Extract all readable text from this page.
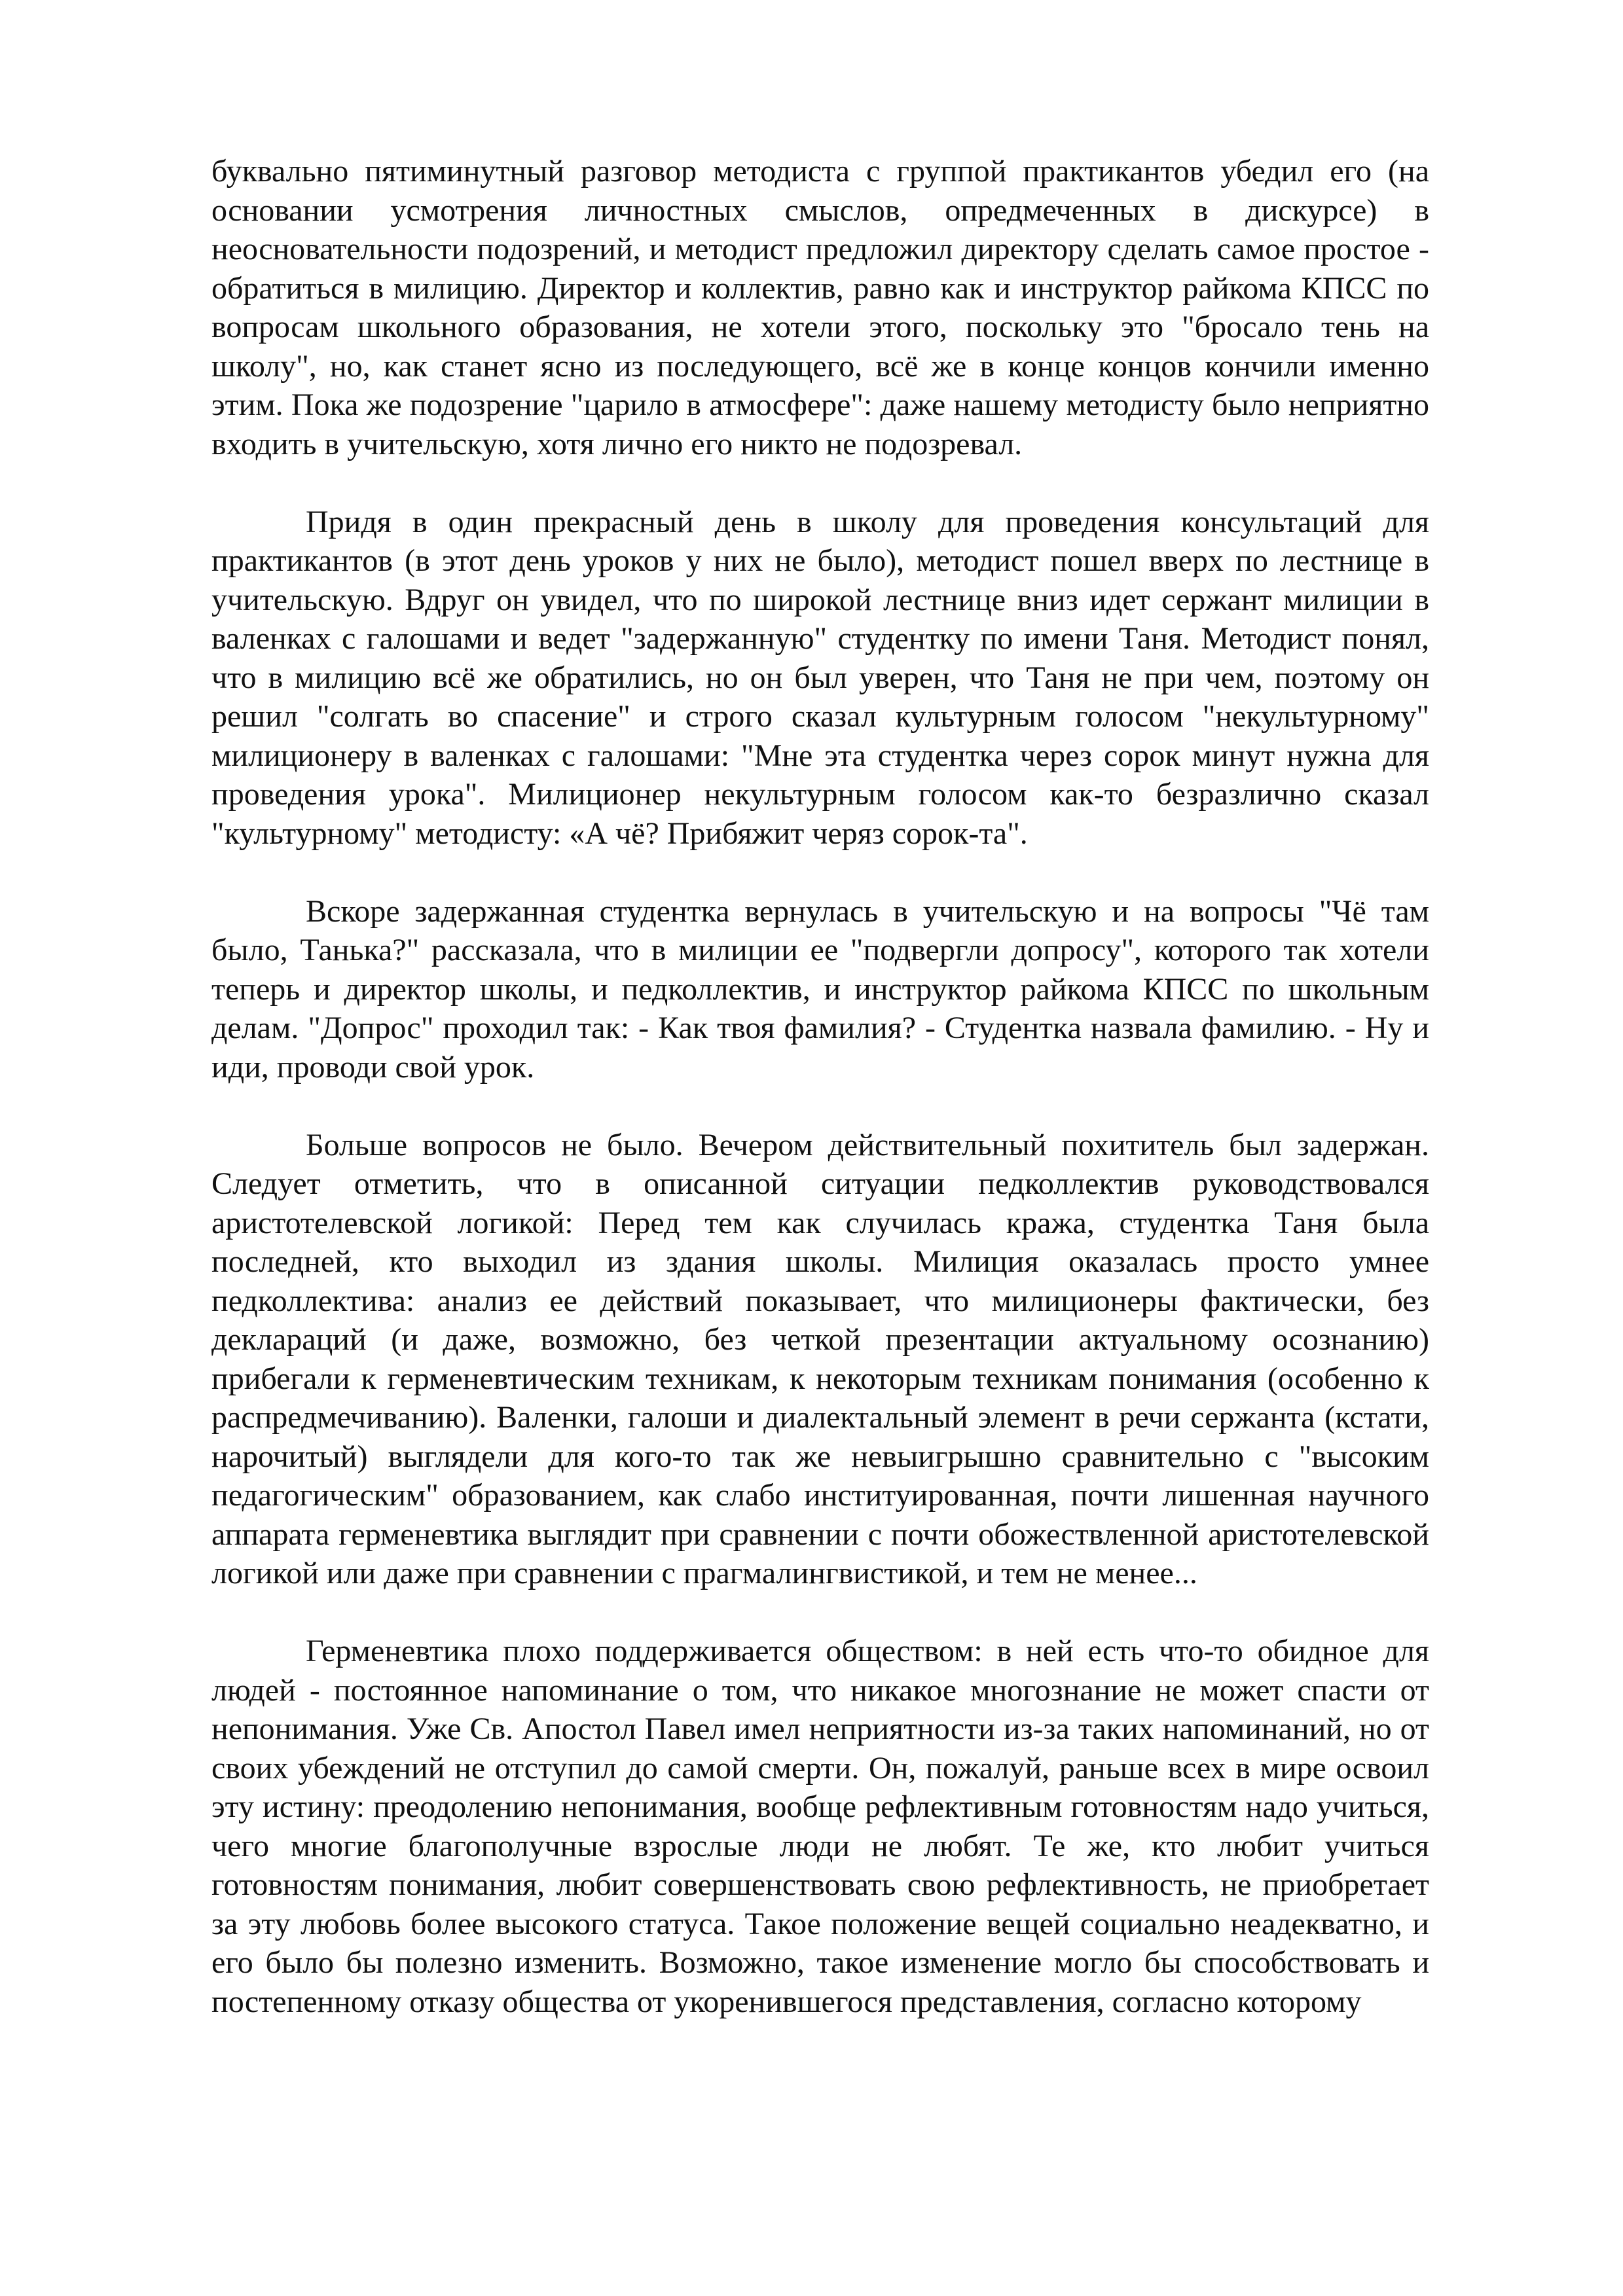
буквально пятиминутный разговор методиста с группой практикантов убедил его (на основании усмотрения личностных смыслов, опредмеченных в дискурсе) в неосновательности подозрений, и методист предложил директору сделать самое простое - обратиться в милицию. Директор и коллектив, равно как и инструктор райкома КПСС по вопросам школьного образования, не хотели этого, поскольку это "бросало тень на школу", но, как станет ясно из последующего, всё же в конце концов кончили именно этим. Пока же подозрение "царило в атмосфере": даже нашему методисту было неприятно входить в учительскую, хотя лично его никто не подозревал.

Придя в один прекрасный день в школу для проведения консультаций для практикантов (в этот день уроков у них не было), методист пошел вверх по лестнице в учительскую. Вдруг он увидел, что по широкой лестнице вниз идет сержант милиции в валенках с галошами и ведет "задержанную" студентку по имени Таня. Методист понял, что в милицию всё же обратились, но он был уверен, что Таня не при чем, поэтому он решил "солгать во спасение" и строго сказал культурным голосом "некультурному" милиционеру в валенках с галошами: "Мне эта студентка через сорок минут нужна для проведения урока". Милиционер некультурным голосом как-то безразлично сказал "культурному" методисту: «А чё? Прибяжит черяз сорок-та".

Вскоре задержанная студентка вернулась в учительскую и на вопросы "Чё там было, Танька?" рассказала, что в милиции ее "подвергли допросу", которого так хотели теперь и директор школы, и педколлектив, и инструктор райкома КПСС по школьным делам. "Допрос" проходил так: - Как твоя фамилия? - Студентка назвала фамилию. - Ну и иди, проводи свой урок.

Больше вопросов не было. Вечером действительный похититель был задержан. Следует отметить, что в описанной ситуации педколлектив руководствовался аристотелевской логикой: Перед тем как случилась кража, студентка Таня была последней, кто выходил из здания школы. Милиция оказалась просто умнее педколлектива: анализ ее действий показывает, что милиционеры фактически, без деклараций (и даже, возможно, без четкой презентации актуальному осознанию) прибегали к герменевтическим техникам, к некоторым техникам понимания (особенно к распредмечиванию). Валенки, галоши и диалектальный элемент в речи сержанта (кстати, нарочитый) выглядели для кого-то так же невыигрышно сравнительно с "высоким педагогическим" образованием, как слабо институированная, почти лишенная научного аппарата герменевтика выглядит при сравнении с почти обожествленной аристотелевской логикой или даже при сравнении с прагмалингвистикой, и тем не менее...

Герменевтика плохо поддерживается обществом: в ней есть что-то обидное для людей - постоянное напоминание о том, что никакое многознание не может спасти от непонимания. Уже Св. Апостол Павел имел неприятности из-за таких напоминаний, но от своих убеждений не отступил до самой смерти. Он, пожалуй, раньше всех в мире освоил эту истину: преодолению непонимания, вообще рефлективным готовностям надо учиться, чего многие благополучные взрослые люди не любят. Те же, кто любит учиться готовностям понимания, любит совершенствовать свою рефлективность, не приобретает за эту любовь более высокого статуса. Такое положение вещей социально неадекватно, и его было бы полезно изменить. Возможно, такое изменение могло бы способствовать и постепенному отказу общества от укоренившегося представления, согласно которому
